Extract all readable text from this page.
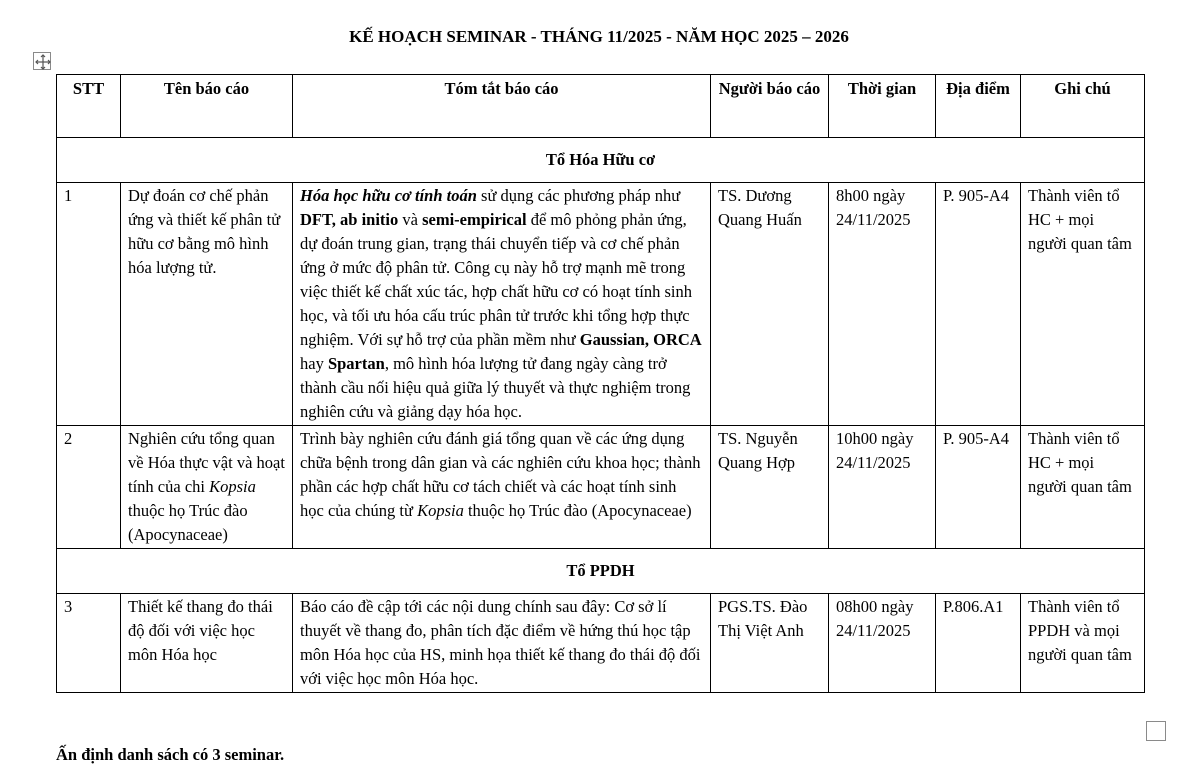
KẾ HOẠCH SEMINAR - THÁNG 11/2025 - NĂM HỌC 2025 – 2026
STT	Tên báo cáo	Tóm tắt báo cáo	Người báo cáo	Thời gian	Địa điểm	Ghi chú
Tổ Hóa Hữu cơ						
1	Dự đoán cơ chế phản ứng và thiết kế phân tử hữu cơ bằng mô hình hóa lượng tử.	Hóa học hữu cơ tính toán sử dụng các phương pháp như DFT, ab initio và semi-empirical để mô phỏng phản ứng, dự đoán trung gian, trạng thái chuyển tiếp và cơ chế phản ứng ở mức độ phân tử. Công cụ này hỗ trợ mạnh mẽ trong việc thiết kế chất xúc tác, hợp chất hữu cơ có hoạt tính sinh học, và tối ưu hóa cấu trúc phân tử trước khi tổng hợp thực nghiệm. Với sự hỗ trợ của phần mềm như Gaussian, ORCA hay Spartan, mô hình hóa lượng tử đang ngày càng trở thành cầu nối hiệu quả giữa lý thuyết và thực nghiệm trong nghiên cứu và giảng dạy hóa học.	TS. Dương Quang Huấn	8h00 ngày 24/11/2025	P. 905-A4	Thành viên tổ HC + mọi người quan tâm
2	Nghiên cứu tổng quan về Hóa thực vật và hoạt tính của chi Kopsia thuộc họ Trúc đào (Apocynaceae)	Trình bày nghiên cứu đánh giá tổng quan về các ứng dụng chữa bệnh trong dân gian và các nghiên cứu khoa học; thành phần các hợp chất hữu cơ tách chiết và các hoạt tính sinh học của chúng từ Kopsia thuộc họ Trúc đào (Apocynaceae)	TS. Nguyễn Quang Hợp	10h00 ngày 24/11/2025	P. 905-A4	Thành viên tổ HC + mọi người quan tâm
Tổ PPDH						
3	Thiết kế thang đo thái độ đối với việc học môn Hóa học	Báo cáo đề cập tới các nội dung chính sau đây: Cơ sở lí thuyết về thang đo, phân tích đặc điểm về hứng thú học tập môn Hóa học của HS, minh họa thiết kế thang đo thái độ đối với việc học môn Hóa học.	PGS.TS. Đào Thị Việt Anh	08h00 ngày 24/11/2025	P.806.A1	Thành viên tổ PPDH và mọi người quan tâm
Ấn định danh sách có 3 seminar.
